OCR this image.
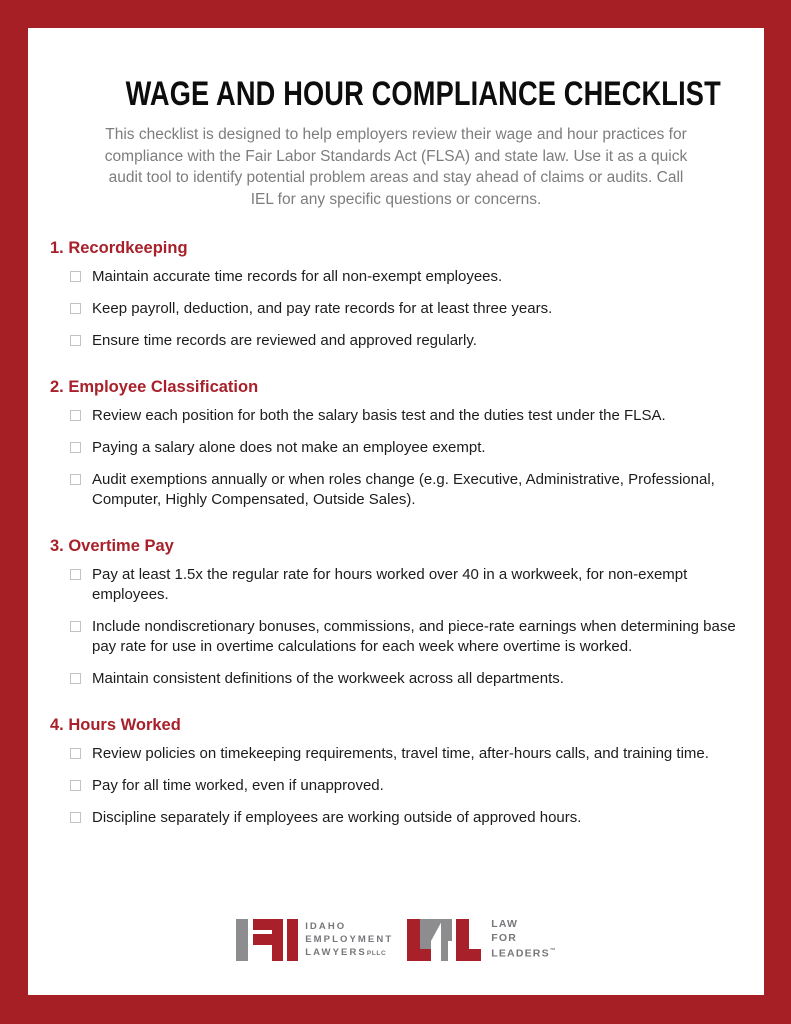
WAGE AND HOUR COMPLIANCE CHECKLIST

This checklist is designed to help employers review their wage and hour practices for compliance with the Fair Labor Standards Act (FLSA) and state law. Use it as a quick audit tool to identify potential problem areas and stay ahead of claims or audits. Call IEL for any specific questions or concerns.

1. Recordkeeping
Maintain accurate time records for all non-exempt employees.
Keep payroll, deduction, and pay rate records for at least three years.
Ensure time records are reviewed and approved regularly.
2. Employee Classification
Review each position for both the salary basis test and the duties test under the FLSA.
Paying a salary alone does not make an employee exempt.
Audit exemptions annually or when roles change (e.g. Executive, Administrative, Professional, Computer, Highly Compensated, Outside Sales).
3. Overtime Pay
Pay at least 1.5x the regular rate for hours worked over 40 in a workweek, for non-exempt employees.
Include nondiscretionary bonuses, commissions, and piece-rate earnings when determining base pay rate for use in overtime calculations for each week where overtime is worked.
Maintain consistent definitions of the workweek across all departments.
4. Hours Worked
Review policies on timekeeping requirements, travel time, after-hours calls, and training time.
Pay for all time worked, even if unapproved.
Discipline separately if employees are working outside of approved hours.
IDAHO
EMPLOYMENT
LAWYERSPLLC
LAW
FOR
LEADERS™
